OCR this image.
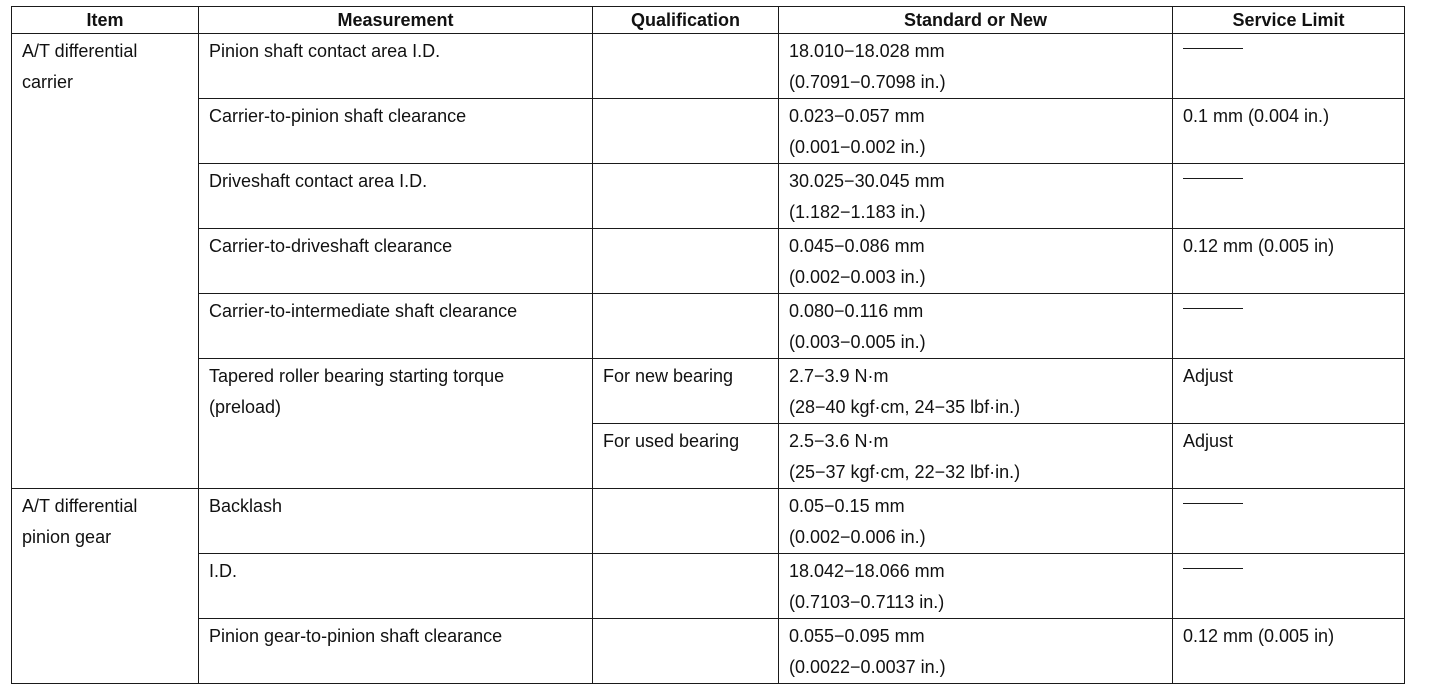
Item	Measurement	Qualification	Standard or New	Service Limit

A/T differential
carrier	Pinion shaft contact area I.D.		18.010−18.028 mm
(0.7091−0.7098 in.)	

	Carrier-to-pinion shaft clearance		0.023−0.057 mm
(0.001−0.002 in.)	0.1 mm (0.004 in.)

	Driveshaft contact area I.D.		30.025−30.045 mm
(1.182−1.183 in.)	

	Carrier-to-driveshaft clearance		0.045−0.086 mm
(0.002−0.003 in.)	0.12 mm (0.005 in)

	Carrier-to-intermediate shaft clearance		0.080−0.116 mm
(0.003−0.005 in.)	

	Tapered roller bearing starting torque
(preload)	For new bearing	2.7−3.9 N·m
(28−40 kgf·cm, 24−35 lbf·in.)	Adjust

		For used bearing	2.5−3.6 N·m
(25−37 kgf·cm, 22−32 lbf·in.)	Adjust

A/T differential
pinion gear	Backlash		0.05−0.15 mm
(0.002−0.006 in.)	

	I.D.		18.042−18.066 mm
(0.7103−0.7113 in.)	

	Pinion gear-to-pinion shaft clearance		0.055−0.095 mm
(0.0022−0.0037 in.)	0.12 mm (0.005 in)
